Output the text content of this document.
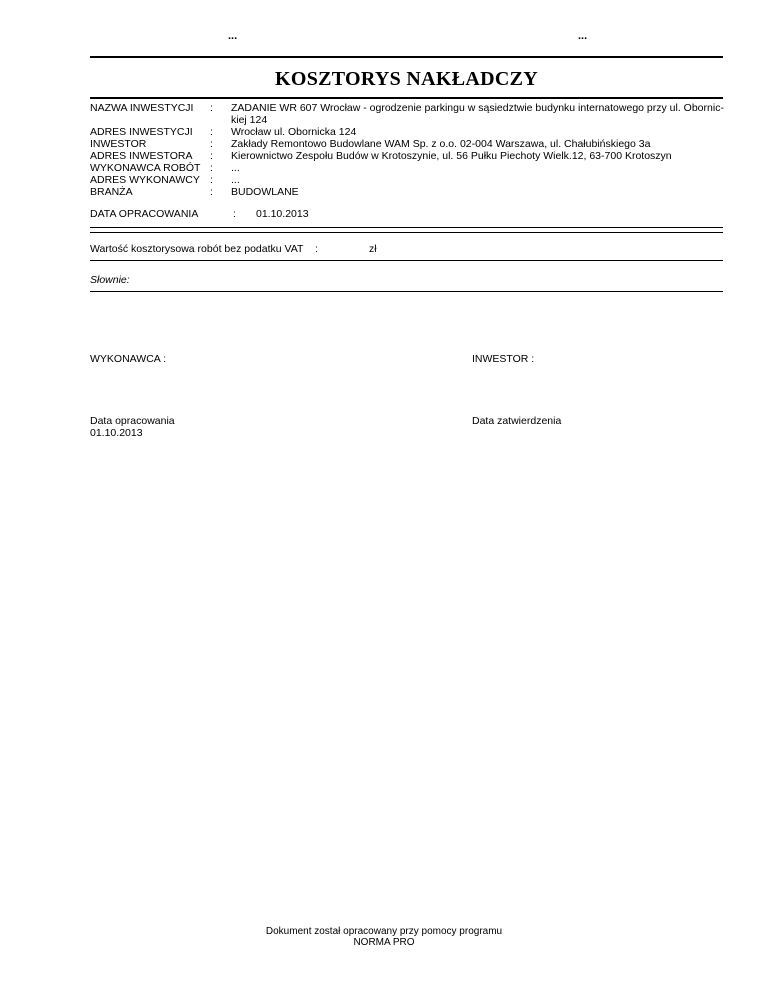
...	...
KOSZTORYS NAKŁADCZY
NAZWA INWESTYCJI : ZADANIE WR 607 Wrocław - ogrodzenie parkingu w sąsiedztwie budynku internatowego przy ul. Obornic-
kiej 124
ADRES INWESTYCJI : Wrocław ul. Obornicka 124
INWESTOR	: Zakłady Remontowo Budowlane WAM Sp. z o.o. 02-004 Warszawa, ul. Chałubińskiego 3a
ADRES INWESTORA : Kierownictwo Zespołu Budów w Krotoszynie, ul. 56 Pułku Piechoty Wielk.12, 63-700 Krotoszyn
WYKONAWCA ROBÓT : ...
ADRES WYKONAWCY : ...
BRANŻA	: BUDOWLANE
DATA OPRACOWANIA	: 01.10.2013
Wartość kosztorysowa robót bez podatku VAT :	zł
Słownie:
WYKONAWCA :	INWESTOR :
Data opracowania
01.10.2013
Data zatwierdzenia
Dokument został opracowany przy pomocy programu
NORMA PRO
